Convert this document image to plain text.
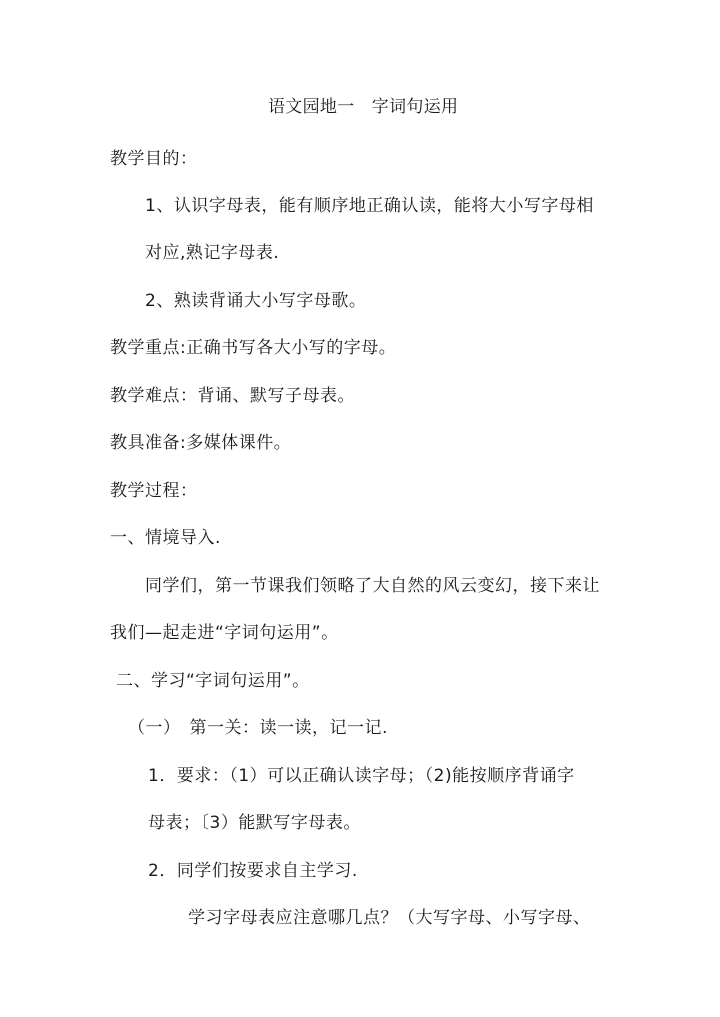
语文园地一　字词句运用
教学目的：
1、认识字母表，能有顺序地正确认读，能将大小写字母相
对应,熟记字母表.
2、熟读背诵大小写字母歌。
教学重点:正确书写各大小写的字母。
教学难点：背诵、默写子母表。
教具准备:多媒体课件。
教学过程：
一、情境导入.
同学们，第一节课我们领略了大自然的风云变幻，接下来让
我们—起走进“字词句运用”。
二、学习“字词句运用”。
（一）　第一关：读一读，记一记.
1．要求：（1）可以正确认读字母；（2)能按顺序背诵字
母表；〔3）能默写字母表。
2．同学们按要求自主学习.
学习字母表应注意哪几点？（大写字母、小写字母、
